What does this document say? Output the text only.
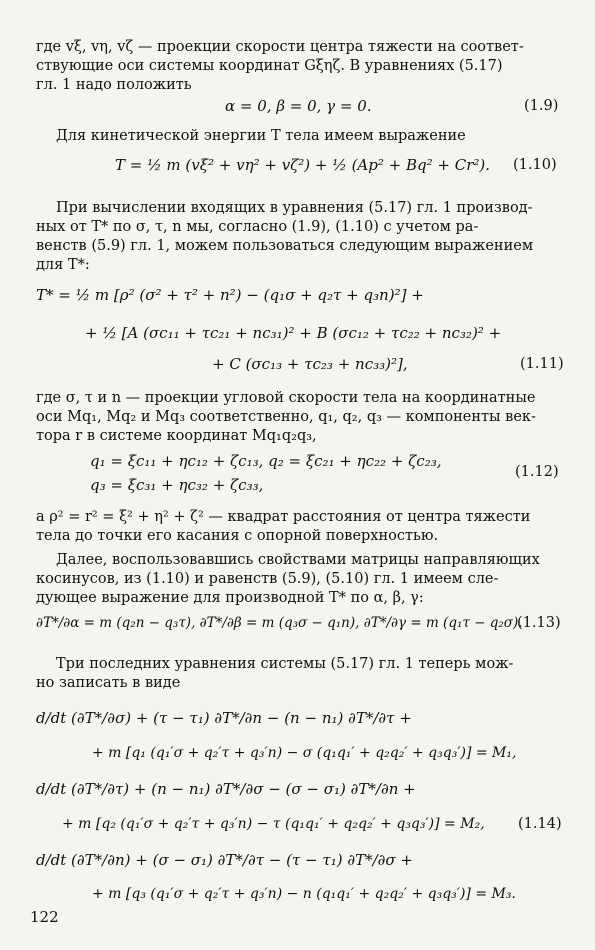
где vξ, vη, vζ — проекции скорости центра тяжести на соответ-
ствующие оси системы координат Gξηζ. В уравнениях (5.17)
гл. 1 надо положить
α = 0, β = 0, γ = 0.	(1.9)
Для кинетической энергии T тела имеем выражение
T = ½ m (vξ² + vη² + vζ²) + ½ (Ap² + Bq² + Cr²). (1.10)
При вычислении входящих в уравнения (5.17) гл. 1 производ-
ных от T* по σ, τ, n мы, согласно (1.9), (1.10) с учетом ра-
венств (5.9) гл. 1, можем пользоваться следующим выражением
для T*:
T* = ½ m [ρ² (σ² + τ² + n²) − (q₁σ + q₂τ + q₃n)²] +
+ ½ [A (σc₁₁ + τc₂₁ + nc₃₁)² + B (σc₁₂ + τc₂₂ + nc₃₂)² +
+ C (σc₁₃ + τc₂₃ + nc₃₃)²],	(1.11)
где σ, τ и n — проекции угловой скорости тела на координатные
оси Mq₁, Mq₂ и Mq₃ соответственно, q₁, q₂, q₃ — компоненты век-
тора r в системе координат Mq₁q₂q₃,
q₁ = ξc₁₁ + ηc₁₂ + ζc₁₃, q₂ = ξc₂₁ + ηc₂₂ + ζc₂₃,
q₃ = ξc₃₁ + ηc₃₂ + ζc₃₃,
(1.12)
а ρ² = r² = ξ² + η² + ζ² — квадрат расстояния от центра тяжести
тела до точки его касания с опорной поверхностью.
Далее, воспользовавшись свойствами матрицы направляющих
косинусов, из (1.10) и равенств (5.9), (5.10) гл. 1 имеем сле-
дующее выражение для производной T* по α, β, γ:
∂T*/∂α = m (q₂n − q₃τ), ∂T*/∂β = m (q₃σ − q₁n), ∂T*/∂γ = m (q₁τ − q₂σ).
(1.13)
Три последних уравнения системы (5.17) гл. 1 теперь мож-
но записать в виде
d/dt (∂T*/∂σ) + (τ − τ₁) ∂T*/∂n − (n − n₁) ∂T*/∂τ +
+ m [q₁ (q₁′σ + q₂′τ + q₃′n) − σ (q₁q₁′ + q₂q₂′ + q₃q₃′)] = M₁,
d/dt (∂T*/∂τ) + (n − n₁) ∂T*/∂σ − (σ − σ₁) ∂T*/∂n +
+ m [q₂ (q₁′σ + q₂′τ + q₃′n) − τ (q₁q₁′ + q₂q₂′ + q₃q₃′)] = M₂, (1.14)
d/dt (∂T*/∂n) + (σ − σ₁) ∂T*/∂τ − (τ − τ₁) ∂T*/∂σ +
+ m [q₃ (q₁′σ + q₂′τ + q₃′n) − n (q₁q₁′ + q₂q₂′ + q₃q₃′)] = M₃.
122
